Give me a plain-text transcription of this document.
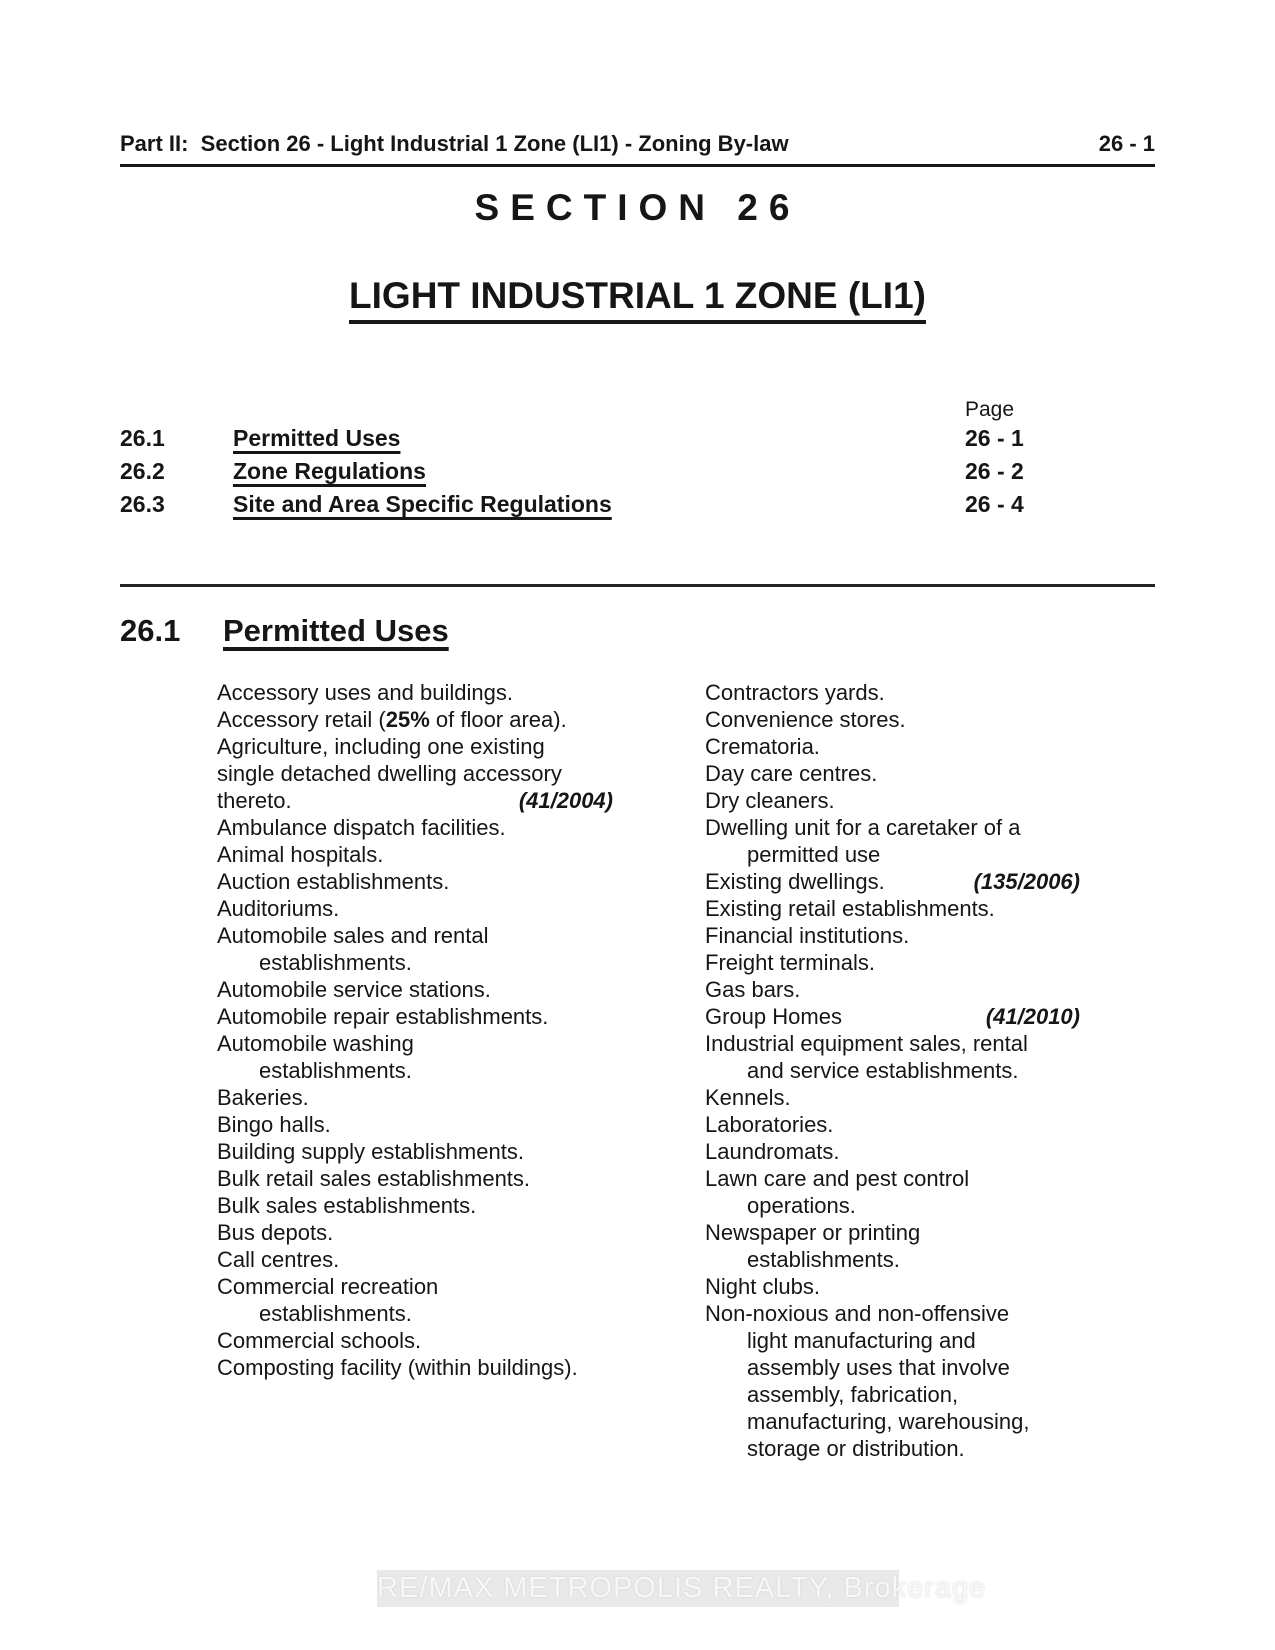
Part II:  Section 26 - Light Industrial 1 Zone (LI1) - Zoning By-law	26 - 1
SECTION 26
LIGHT INDUSTRIAL 1 ZONE (LI1)
Page
26.1	Permitted Uses	26 - 1
26.2	Zone Regulations	26 - 2
26.3	Site and Area Specific Regulations	26 - 4
26.1 Permitted Uses
Accessory uses and buildings.
Accessory retail (25% of floor area).
Agriculture, including one existing
single detached dwelling accessory
thereto.	(41/2004)
Ambulance dispatch facilities.
Animal hospitals.
Auction establishments.
Auditoriums.
Automobile sales and rental
establishments.
Automobile service stations.
Automobile repair establishments.
Automobile washing
establishments.
Bakeries.
Bingo halls.
Building supply establishments.
Bulk retail sales establishments.
Bulk sales establishments.
Bus depots.
Call centres.
Commercial recreation
establishments.
Commercial schools.
Composting facility (within buildings).
Contractors yards.
Convenience stores.
Crematoria.
Day care centres.
Dry cleaners.
Dwelling unit for a caretaker of a
permitted use
Existing dwellings.	(135/2006)
Existing retail establishments.
Financial institutions.
Freight terminals.
Gas bars.
Group Homes	(41/2010)
Industrial equipment sales, rental
and service establishments.
Kennels.
Laboratories.
Laundromats.
Lawn care and pest control
operations.
Newspaper or printing
establishments.
Night clubs.
Non-noxious and non-offensive
light manufacturing and
assembly uses that involve
assembly, fabrication,
manufacturing, warehousing,
storage or distribution.
RE/MAX METROPOLIS REALTY, Brokerage
